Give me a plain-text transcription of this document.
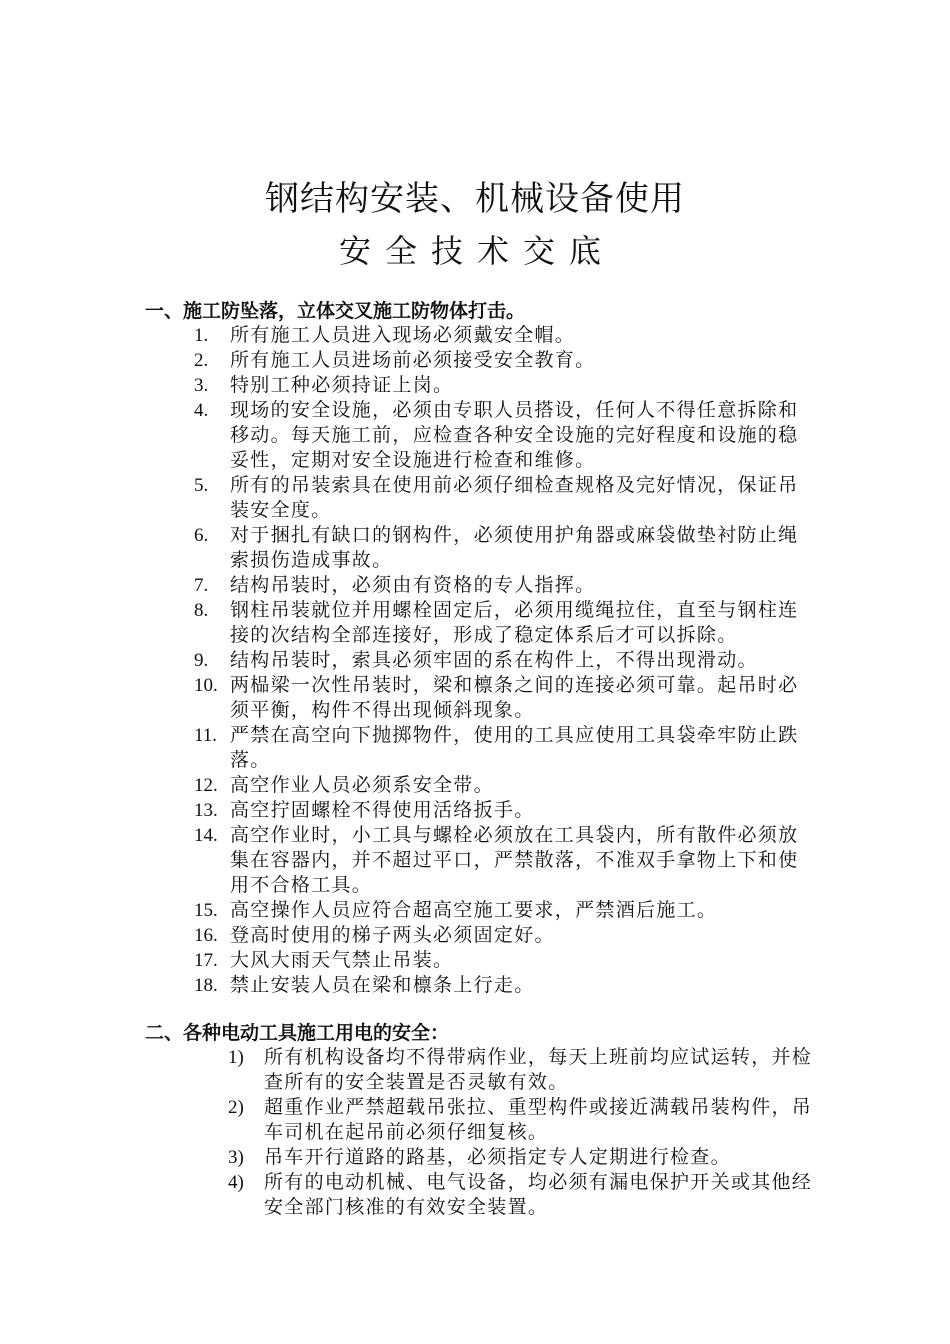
钢结构安装、机械设备使用
安全技术交底
一、施工防坠落，立体交叉施工防物体打击。
1.	所有施工人员进入现场必须戴安全帽。
2.	所有施工人员进场前必须接受安全教育。
3.	特别工种必须持证上岗。
4.	现场的安全设施，必须由专职人员搭设，任何人不得任意拆除和移动。每天施工前，应检查各种安全设施的完好程度和设施的稳妥性，定期对安全设施进行检查和维修。
5.	所有的吊装索具在使用前必须仔细检查规格及完好情况，保证吊装安全度。
6.	对于捆扎有缺口的钢构件，必须使用护角器或麻袋做垫衬防止绳索损伤造成事故。
7.	结构吊装时，必须由有资格的专人指挥。
8.	钢柱吊装就位并用螺栓固定后，必须用缆绳拉住，直至与钢柱连接的次结构全部连接好，形成了稳定体系后才可以拆除。
9.	结构吊装时，索具必须牢固的系在构件上，不得出现滑动。
10. 两榀梁一次性吊装时，梁和檩条之间的连接必须可靠。起吊时必须平衡，构件不得出现倾斜现象。
11. 严禁在高空向下抛掷物件，使用的工具应使用工具袋牵牢防止跌落。
12. 高空作业人员必须系安全带。
13. 高空拧固螺栓不得使用活络扳手。
14. 高空作业时，小工具与螺栓必须放在工具袋内，所有散件必须放集在容器内，并不超过平口，严禁散落，不准双手拿物上下和使用不合格工具。
15. 高空操作人员应符合超高空施工要求，严禁酒后施工。
16. 登高时使用的梯子两头必须固定好。
17. 大风大雨天气禁止吊装。
18. 禁止安装人员在梁和檩条上行走。
二、各种电动工具施工用电的安全：
1)	所有机构设备均不得带病作业，每天上班前均应试运转，并检查所有的安全装置是否灵敏有效。
2)	超重作业严禁超载吊张拉、重型构件或接近满载吊装构件，吊车司机在起吊前必须仔细复核。
3)	吊车开行道路的路基，必须指定专人定期进行检查。
4)	所有的电动机械、电气设备，均必须有漏电保护开关或其他经安全部门核准的有效安全装置。
